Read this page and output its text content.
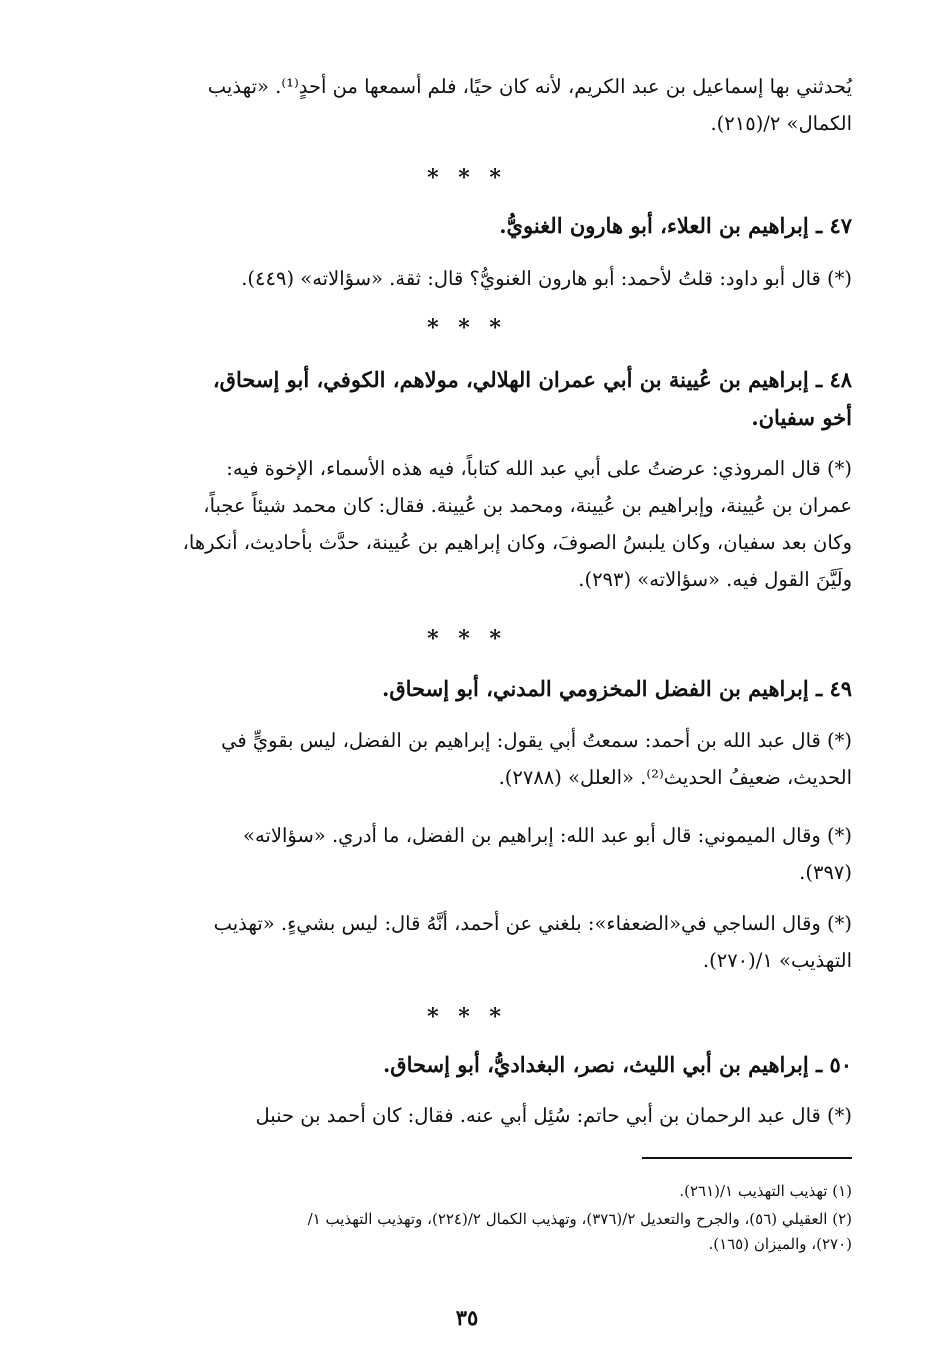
يُحدثني بها إسماعيل بن عبد الكريم، لأنه كان حيًا، فلم أسمعها من أحدٍ⁽¹⁾. «تهذيب
الكمال» ٢/(٢١٥).
* * *
٤٧ ـ إبراهيم بن العلاء، أبو هارون الغنويُّ.
(*) قال أبو داود: قلتُ لأحمد: أبو هارون الغنويُّ؟ قال: ثقة. «سؤالاته» (٤٤٩).
* * *
٤٨ ـ إبراهيم بن عُيينة بن أبي عمران الهلالي، مولاهم، الكوفي، أبو إسحاق،
أخو سفيان.
(*) قال المروذي: عرضتُ على أبي عبد الله كتاباً، فيه هذه الأسماء، الإخوة فيه:
عمران بن عُيينة، وإبراهيم بن عُيينة، ومحمد بن عُيينة. فقال: كان محمد شيئاً عجباً،
وكان بعد سفيان، وكان يلبسُ الصوفَ، وكان إبراهيم بن عُيينة، حدَّث بأحاديث، أنكرها،
ولَيَّنَ القول فيه. «سؤالاته» (٢٩٣).
* * *
٤٩ ـ إبراهيم بن الفضل المخزومي المدني، أبو إسحاق.
(*) قال عبد الله بن أحمد: سمعتُ أبي يقول: إبراهيم بن الفضل، ليس بقويٍّ في
الحديث، ضعيفُ الحديث⁽²⁾. «العلل» (٢٧٨٨).
(*) وقال الميموني: قال أبو عبد الله: إبراهيم بن الفضل، ما أدري. «سؤالاته»
(٣٩٧).
(*) وقال الساجي في«الضعفاء»: بلغني عن أحمد، أنَّهُ قال: ليس بشيءٍ. «تهذيب
التهذيب» ١/(٢٧٠).
* * *
٥٠ ـ إبراهيم بن أبي الليث، نصر، البغداديُّ، أبو إسحاق.
(*) قال عبد الرحمان بن أبي حاتم: سُئِل أبي عنه. فقال: كان أحمد بن حنبل
(١) تهذيب التهذيب ١/(٢٦١).
(٢) العقيلي (٥٦)، والجرح والتعديل ٢/(٣٧٦)، وتهذيب الكمال ٢/(٢٢٤)، وتهذيب التهذيب ١/
(٢٧٠)، والميزان (١٦٥).
٣٥
